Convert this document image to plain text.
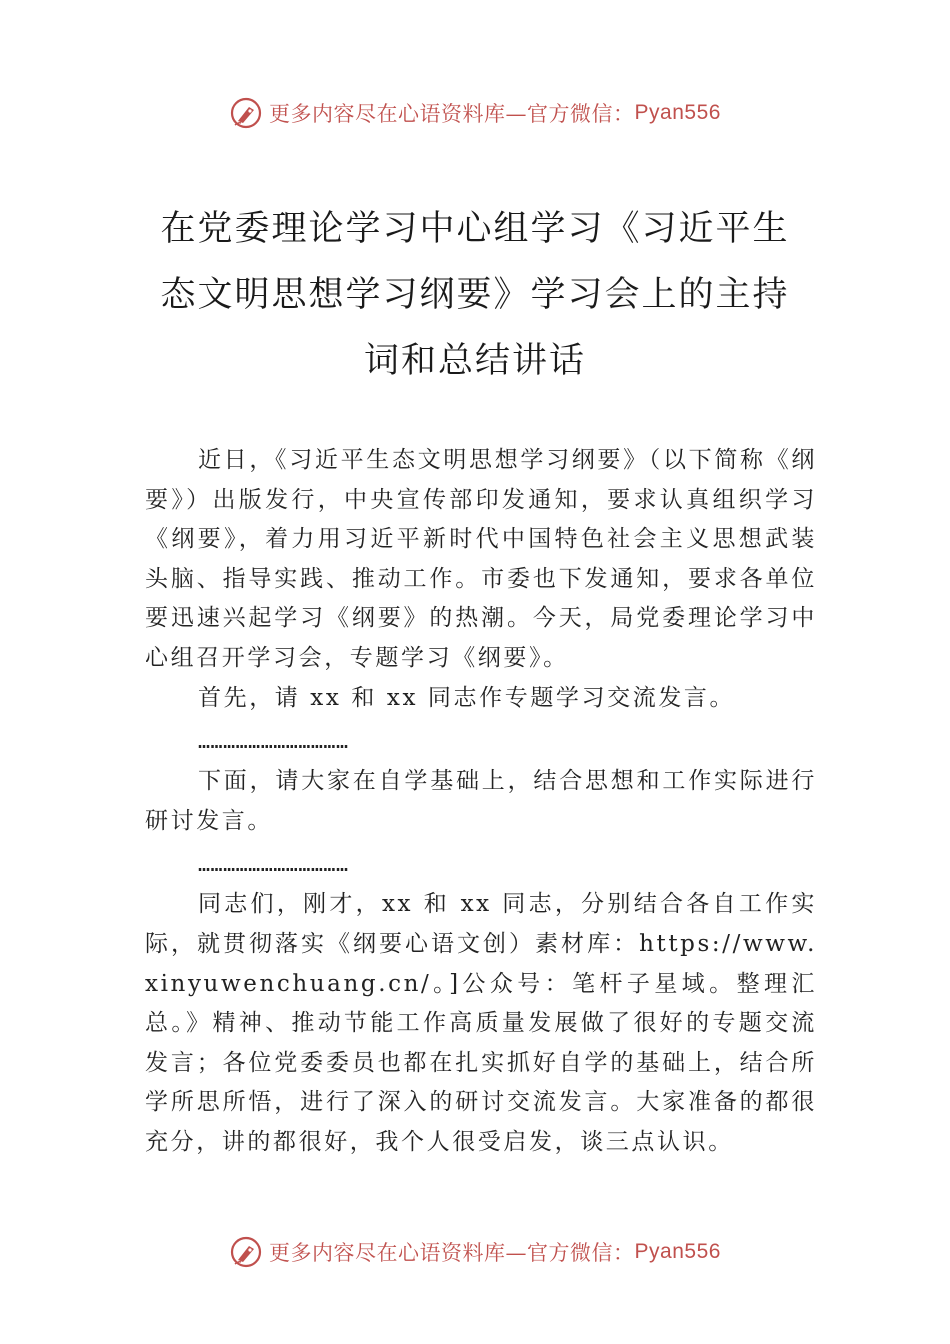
更多内容尽在心语资料库—官方微信： Pyan556
在党委理论学习中心组学习《习近平生
态文明思想学习纲要》学习会上的主持
词和总结讲话

近日，《习近平生态文明思想学习纲要》（以下简称《纲要》）出版发行，中央宣传部印发通知，要求认真组织学习《纲要》，着力用习近平新时代中国特色社会主义思想武装头脑、指导实践、推动工作。市委也下发通知，要求各单位要迅速兴起学习《纲要》的热潮。今天，局党委理论学习中心组召开学习会，专题学习《纲要》。

首先，请 xx 和 xx 同志作专题学习交流发言。

………………………………

下面，请大家在自学基础上，结合思想和工作实际进行研讨发言。

………………………………

同志们，刚才，xx 和 xx 同志，分别结合各自工作实际，就贯彻落实《纲要心语文创）素材库：https://www.xinyuwenchuang.cn/。]公众号：笔杆子星域。整理汇总。》精神、推动节能工作高质量发展做了很好的专题交流发言；各位党委委员也都在扎实抓好自学的基础上，结合所学所思所悟，进行了深入的研讨交流发言。大家准备的都很充分，讲的都很好，我个人很受启发，谈三点认识。

更多内容尽在心语资料库—官方微信： Pyan556
